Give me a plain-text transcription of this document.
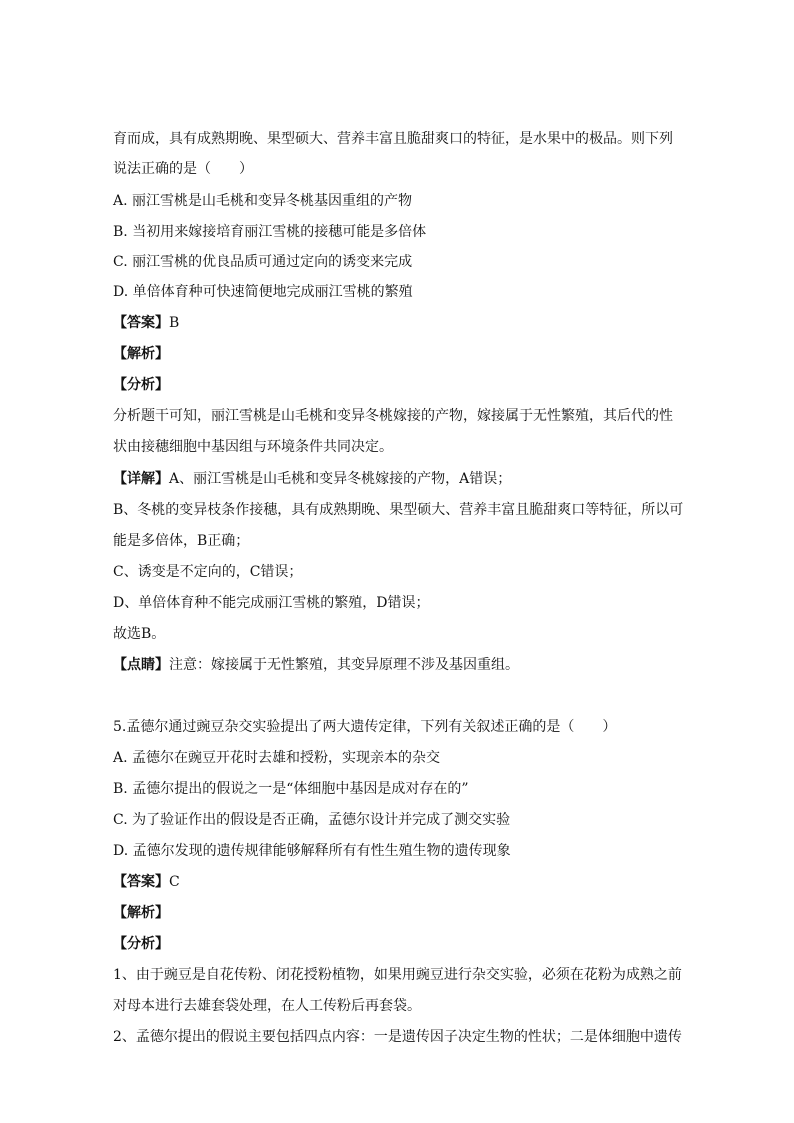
育而成，具有成熟期晚、果型硕大、营养丰富且脆甜爽口的特征，是水果中的极品。则下列
说法正确的是（　　）
A. 丽江雪桃是山毛桃和变异冬桃基因重组的产物
B. 当初用来嫁接培育丽江雪桃的接穗可能是多倍体
C. 丽江雪桃的优良品质可通过定向的诱变来完成
D. 单倍体育种可快速简便地完成丽江雪桃的繁殖
【答案】B
【解析】
【分析】
分析题干可知，丽江雪桃是山毛桃和变异冬桃嫁接的产物，嫁接属于无性繁殖，其后代的性
状由接穗细胞中基因组与环境条件共同决定。
【详解】A、丽江雪桃是山毛桃和变异冬桃嫁接的产物，A错误；
B、冬桃的变异枝条作接穗，具有成熟期晚、果型硕大、营养丰富且脆甜爽口等特征，所以可
能是多倍体，B正确；
C、诱变是不定向的，C错误；
D、单倍体育种不能完成丽江雪桃的繁殖，D错误；
故选B。
【点睛】注意：嫁接属于无性繁殖，其变异原理不涉及基因重组。
5.孟德尔通过豌豆杂交实验提出了两大遗传定律，下列有关叙述正确的是（　　）
A. 孟德尔在豌豆开花时去雄和授粉，实现亲本的杂交
B. 孟德尔提出的假说之一是“体细胞中基因是成对存在的”
C. 为了验证作出的假设是否正确，孟德尔设计并完成了测交实验
D. 孟德尔发现的遗传规律能够解释所有有性生殖生物的遗传现象
【答案】C
【解析】
【分析】
1、由于豌豆是自花传粉、闭花授粉植物，如果用豌豆进行杂交实验，必须在花粉为成熟之前
对母本进行去雄套袋处理，在人工传粉后再套袋。
2、孟德尔提出的假说主要包括四点内容：一是遗传因子决定生物的性状；二是体细胞中遗传
